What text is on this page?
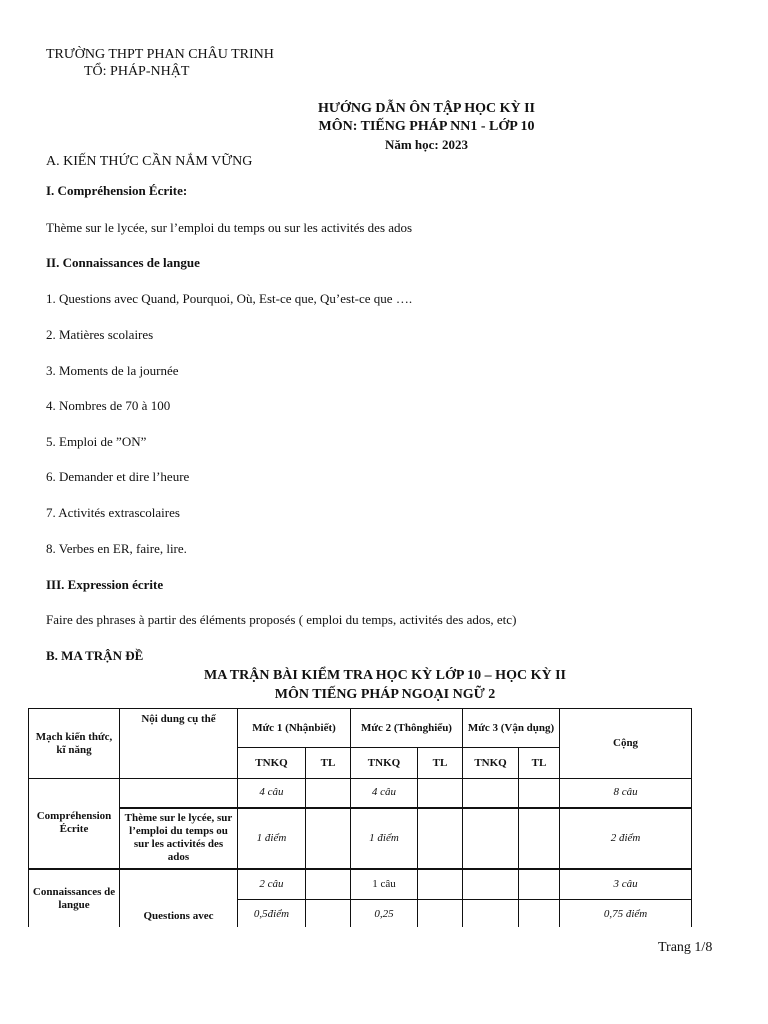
TRƯỜNG THPT PHAN CHÂU TRINH
TỔ: PHÁP-NHẬT
HƯỚNG DẪN ÔN TẬP HỌC KỲ II
MÔN: TIẾNG PHÁP NN1 - LỚP 10
Năm học: 2023
A. KIẾN THỨC CẦN NẮM VỮNG
I. Compréhension Écrite:
Thème sur le lycée, sur l’emploi du temps ou sur les activités des ados
II. Connaissances de langue
1. Questions avec Quand, Pourquoi, Où, Est-ce que, Qu’est-ce que ….
2. Matières scolaires
3. Moments de la journée
4. Nombres de 70 à 100
5. Emploi de ”ON”
6. Demander et dire l’heure
7. Activités extrascolaires
8. Verbes en ER, faire, lire.
III. Expression écrite
Faire des phrases à partir des éléments proposés ( emploi du temps, activités des ados, etc)
B. MA TRẬN ĐỀ
MA TRẬN BÀI KIỂM TRA HỌC KỲ LỚP 10 – HỌC KỲ II
MÔN TIẾNG PHÁP NGOẠI NGỮ 2
Mạch kiến thức, kĩ năng	Nội dung cụ thể	Mức 1 (Nhậnbiết)		Mức 2 (Thônghiểu)		Mức 3 (Vận dụng)		Cộng
		TNKQ	TL	TNKQ	TL	TNKQ	TL	
Compréhension Écrite		4 câu		4 câu				8 câu
	Thème sur le lycée, sur l’emploi du temps ou sur les activités des ados	1 điểm		1 điểm				2 điểm
Connaissances de langue	Questions avec	2 câu		1 câu				3 câu
		0,5điểm		0,25				0,75 điểm
Trang 1/8
